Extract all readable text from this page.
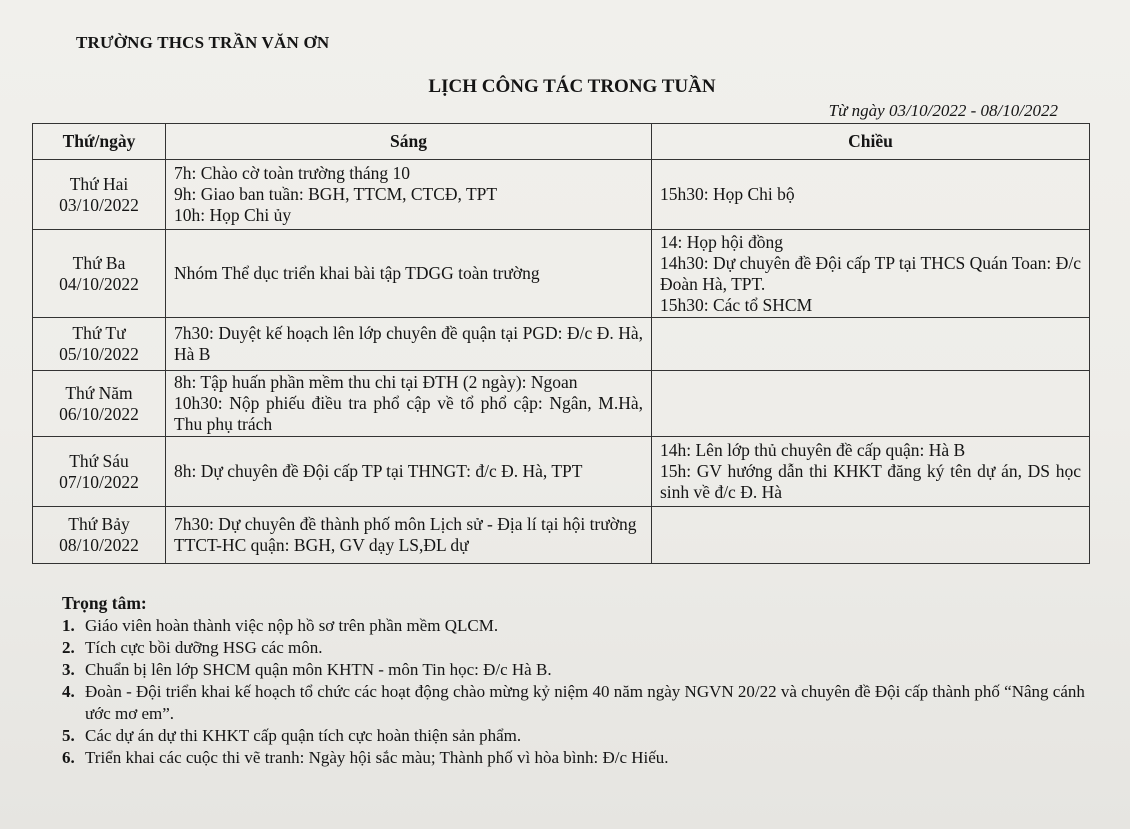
TRƯỜNG THCS TRẦN VĂN ƠN
LỊCH CÔNG TÁC TRONG TUẦN
Từ ngày 03/10/2022 - 08/10/2022
Thứ/ngày	Sáng	Chiều

Thứ Hai
03/10/2022	7h: Chào cờ toàn trường tháng 10
9h: Giao ban tuần: BGH, TTCM, CTCĐ, TPT
10h: Họp Chi ủy	15h30: Họp Chi bộ

Thứ Ba
04/10/2022	Nhóm Thể dục triển khai bài tập TDGG toàn trường	14: Họp hội đồng
14h30: Dự chuyên đề Đội cấp TP tại THCS Quán Toan: Đ/c Đoàn Hà, TPT.
15h30: Các tổ SHCM

Thứ Tư
05/10/2022	7h30: Duyệt kế hoạch lên lớp chuyên đề quận tại PGD: Đ/c Đ. Hà, Hà B	

Thứ Năm
06/10/2022	8h: Tập huấn phần mềm thu chi tại ĐTH (2 ngày): Ngoan
10h30: Nộp phiếu điều tra phổ cập về tổ phổ cập: Ngân, M.Hà, Thu phụ trách	

Thứ Sáu
07/10/2022	8h: Dự chuyên đề Đội cấp TP tại THNGT: đ/c Đ. Hà, TPT	14h: Lên lớp thủ chuyên đề cấp quận: Hà B
15h: GV hướng dẫn thi KHKT đăng ký tên dự án, DS học sinh về đ/c Đ. Hà

Thứ Bảy
08/10/2022	7h30: Dự chuyên đề thành phố môn Lịch sử - Địa lí tại hội trường TTCT-HC quận: BGH, GV dạy LS,ĐL dự	

Trọng tâm:
1. Giáo viên hoàn thành việc nộp hồ sơ trên phần mềm QLCM.
2. Tích cực bồi dưỡng HSG các môn.
3. Chuẩn bị lên lớp SHCM quận môn KHTN - môn Tin học: Đ/c Hà B.
4. Đoàn - Đội triển khai kế hoạch tổ chức các hoạt động chào mừng kỷ niệm 40 năm ngày NGVN 20/22 và chuyên đề Đội cấp thành phố “Nâng cánh ước mơ em”.
5. Các dự án dự thi KHKT cấp quận tích cực hoàn thiện sản phẩm.
6. Triển khai các cuộc thi vẽ tranh: Ngày hội sắc màu; Thành phố vì hòa bình: Đ/c Hiếu.
